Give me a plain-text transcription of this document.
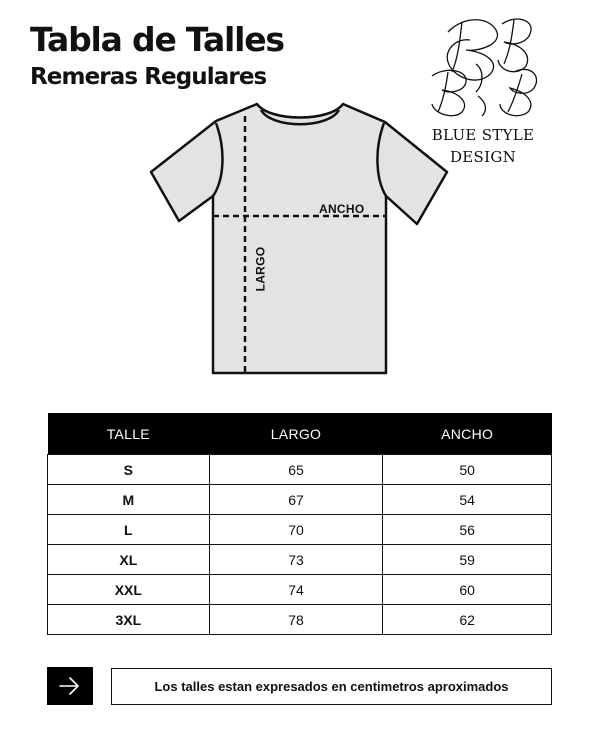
Tabla de Talles
Remeras Regulares
BLUE STYLE
DESIGN
ANCHO
LARGO
TALLE	LARGO	ANCHO
S	65	50
M	67	54
L	70	56
XL	73	59
XXL	74	60
3XL	78	62
Los talles estan expresados en centimetros aproximados
